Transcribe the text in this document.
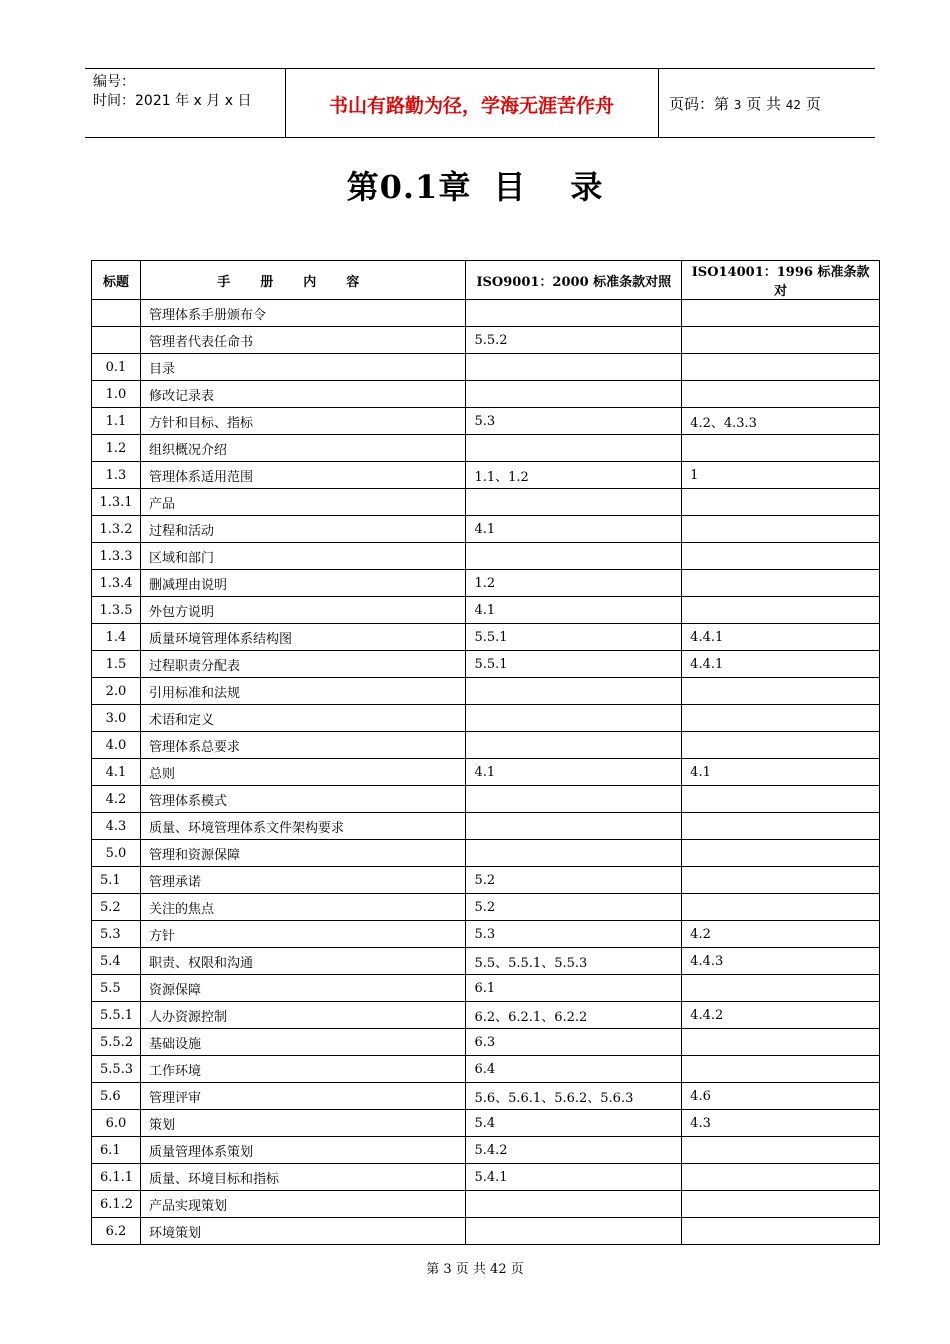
编号：
时间：2021 年 x 月 x 日	书山有路勤为径，学海无涯苦作舟	页码：第 3 页 共 42 页
第0.1章 目 录
标题	手册内容	ISO9001：2000 标准条款对照	ISO14001：1996 标准条款对
	管理体系手册颁布令		
	管理者代表任命书	5.5.2	
0.1	目录		
1.0	修改记录表		
1.1	方针和目标、指标	5.3	4.2、4.3.3
1.2	组织概况介绍		
1.3	管理体系适用范围	1.1、1.2	1
1.3.1	产品		
1.3.2	过程和活动	4.1	
1.3.3	区域和部门		
1.3.4	删减理由说明	1.2	
1.3.5	外包方说明	4.1	
1.4	质量环境管理体系结构图	5.5.1	4.4.1
1.5	过程职责分配表	5.5.1	4.4.1
2.0	引用标准和法规		
3.0	术语和定义		
4.0	管理体系总要求		
4.1	总则	4.1	4.1
4.2	管理体系模式		
4.3	质量、环境管理体系文件架构要求		
5.0	管理和资源保障		
5.1	管理承诺	5.2	
5.2	关注的焦点	5.2	
5.3	方针	5.3	4.2
5.4	职责、权限和沟通	5.5、5.5.1、5.5.3	4.4.3
5.5	资源保障	6.1	
5.5.1	人办资源控制	6.2、6.2.1、6.2.2	4.4.2
5.5.2	基础设施	6.3	
5.5.3	工作环境	6.4	
5.6	管理评审	5.6、5.6.1、5.6.2、5.6.3	4.6
6.0	策划	5.4	4.3
6.1	质量管理体系策划	5.4.2	
6.1.1	质量、环境目标和指标	5.4.1	
6.1.2	产品实现策划		
6.2	环境策划		
第 3 页 共 42 页
